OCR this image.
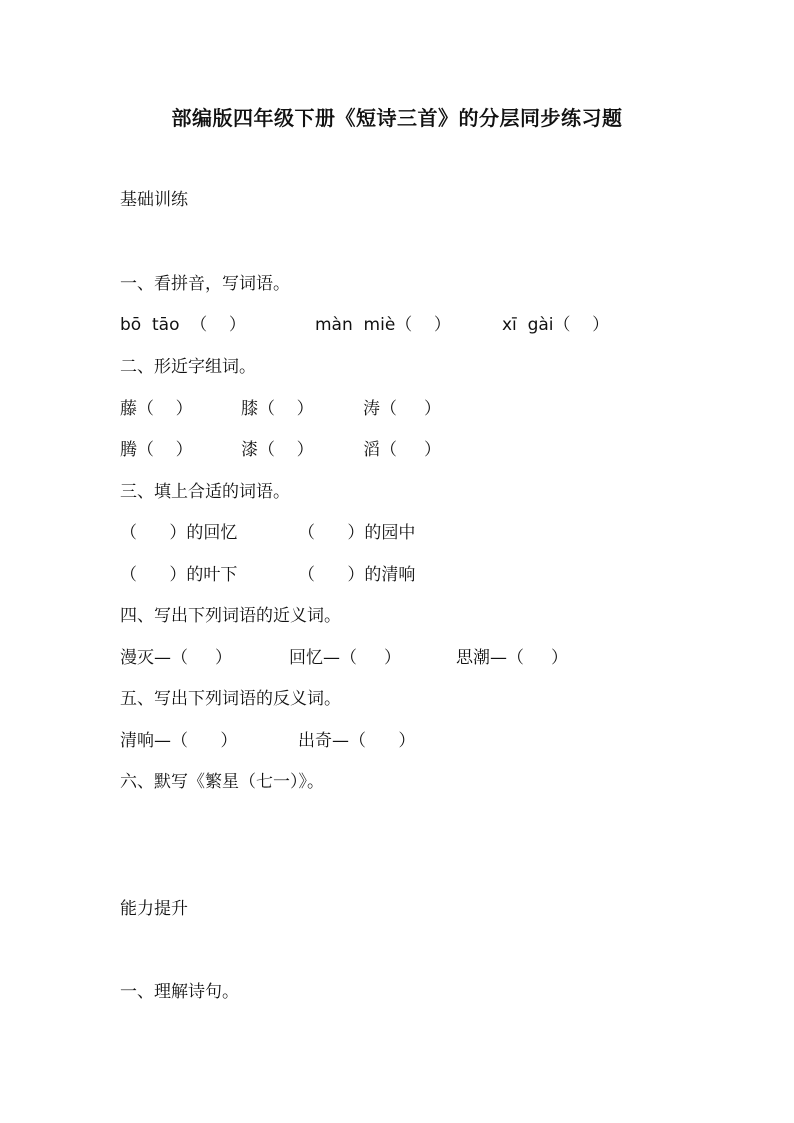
部编版四年级下册《短诗三首》的分层同步练习题
基础训练
一、看拼音，写词语。
bō  tāo  （    ）	màn  miè（    ）	xī  gài（    ）
二、形近字组词。
藤（    ）	膝（    ）	涛（     ）
腾（    ）	漆（    ）	滔（     ）
三、填上合适的词语。
（      ）的回忆	（      ）的园中
（      ）的叶下	（      ）的清响
四、写出下列词语的近义词。
漫灭—（     ）	回忆—（     ）	思潮—（     ）
五、写出下列词语的反义词。
清响—（      ）	出奇—（      ）
六、默写《繁星（七一）》。
能力提升
一、理解诗句。
